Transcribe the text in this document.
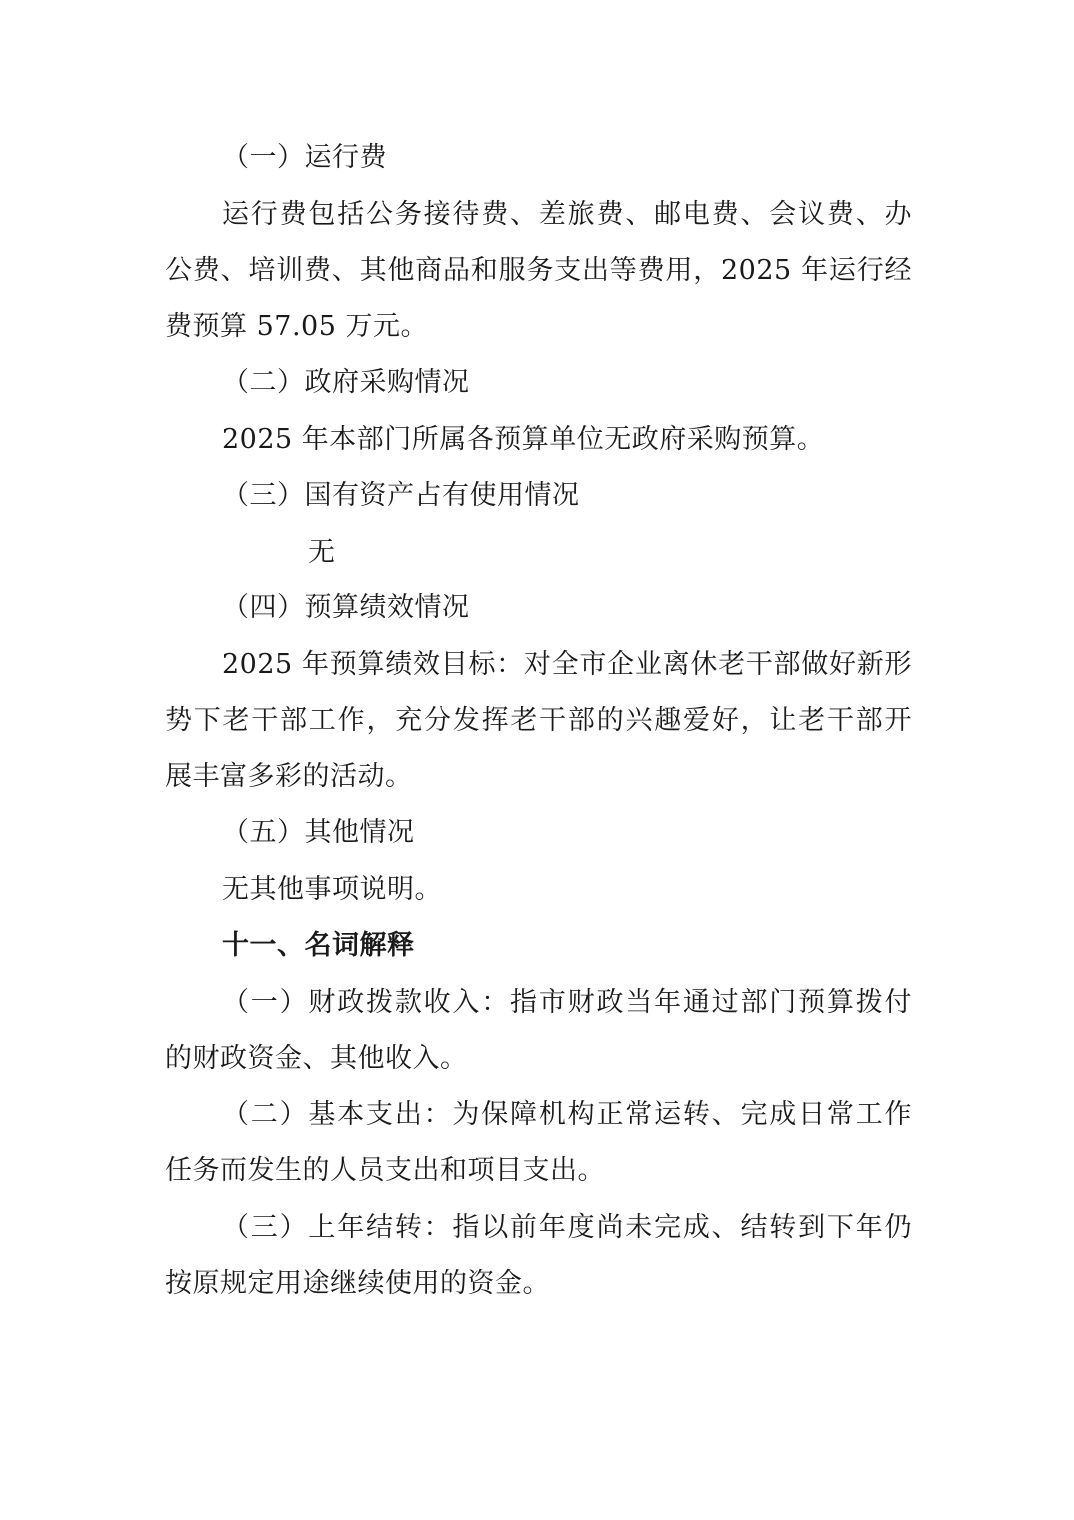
（一）运行费
运行费包括公务接待费、差旅费、邮电费、会议费、办
公费、培训费、其他商品和服务支出等费用，2025 年运行经
费预算 57.05 万元。
（二）政府采购情况
2025 年本部门所属各预算单位无政府采购预算。
（三）国有资产占有使用情况
无
（四）预算绩效情况
2025 年预算绩效目标：对全市企业离休老干部做好新形
势下老干部工作，充分发挥老干部的兴趣爱好，让老干部开
展丰富多彩的活动。
（五）其他情况
无其他事项说明。
十一、名词解释
（一）财政拨款收入：指市财政当年通过部门预算拨付
的财政资金、其他收入。
（二）基本支出：为保障机构正常运转、完成日常工作
任务而发生的人员支出和项目支出。
（三）上年结转：指以前年度尚未完成、结转到下年仍
按原规定用途继续使用的资金。
